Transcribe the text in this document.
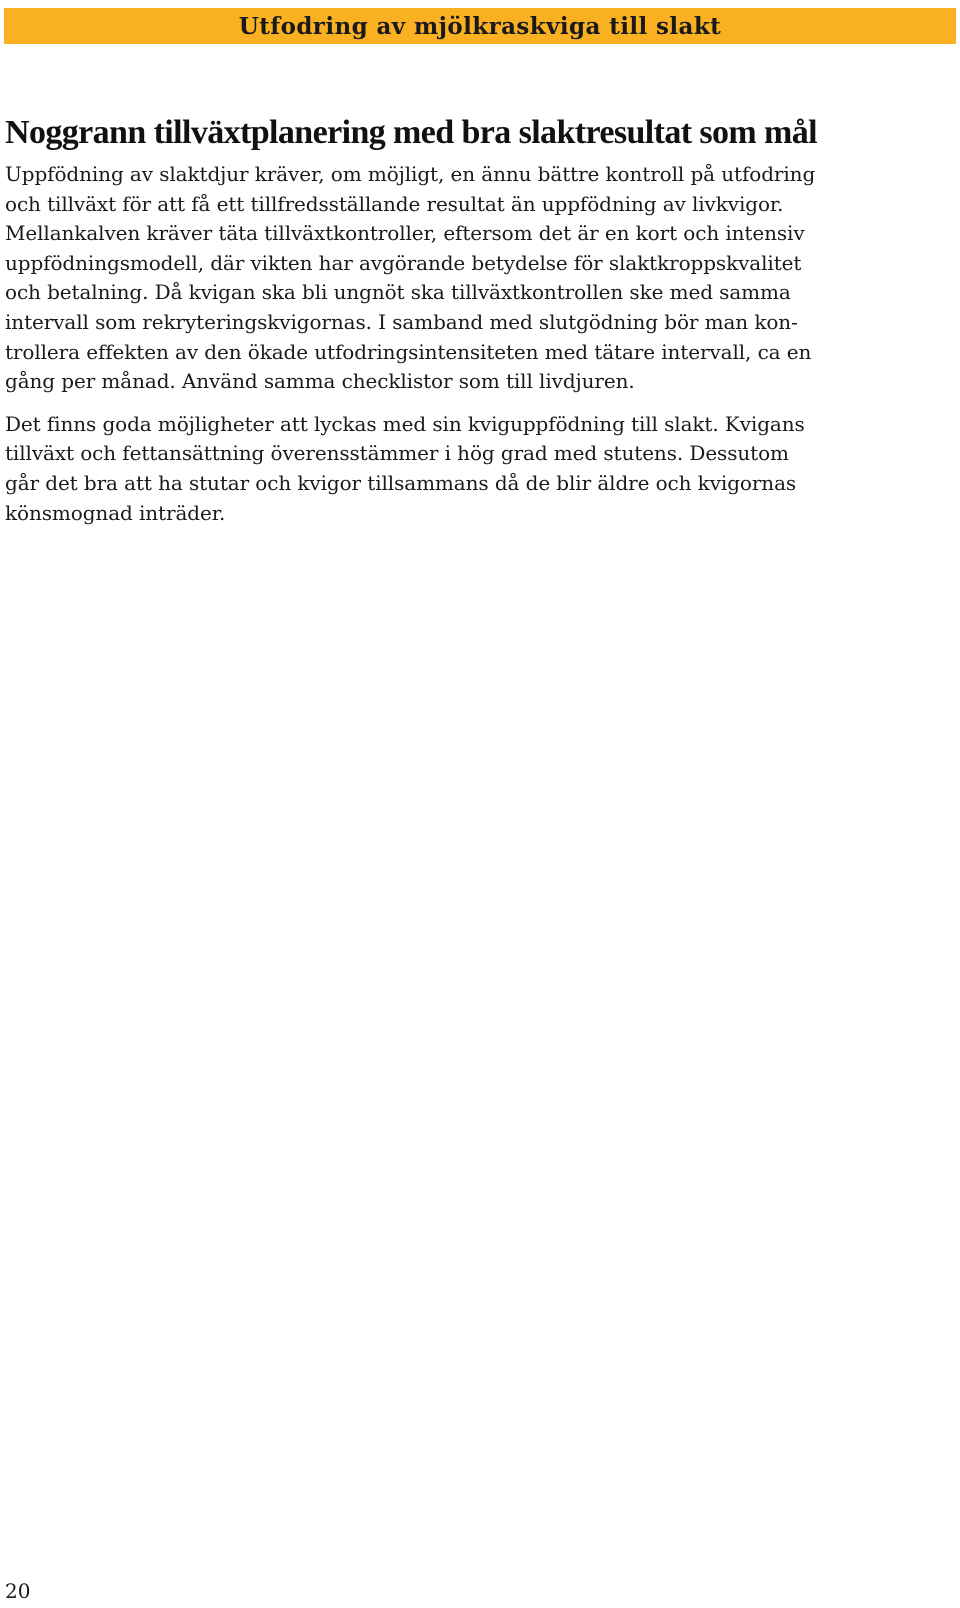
Utfodring av mjölkraskviga till slakt
Noggrann tillväxtplanering med bra slaktresultat som mål

Uppfödning av slaktdjur kräver, om möjligt, en ännu bättre kontroll på utfodring
och tillväxt för att få ett tillfredsställande resultat än uppfödning av livkvigor.
Mellankalven kräver täta tillväxtkontroller, eftersom det är en kort och intensiv
uppfödningsmodell, där vikten har avgörande betydelse för slaktkroppskvalitet
och betalning. Då kvigan ska bli ungnöt ska tillväxtkontrollen ske med samma
intervall som rekryteringskvigornas. I samband med slutgödning bör man kon-
trollera effekten av den ökade utfodringsintensiteten med tätare intervall, ca en
gång per månad. Använd samma checklistor som till livdjuren.

Det finns goda möjligheter att lyckas med sin kviguppfödning till slakt. Kvigans
tillväxt och fettansättning överensstämmer i hög grad med stutens. Dessutom
går det bra att ha stutar och kvigor tillsammans då de blir äldre och kvigornas
könsmognad inträder.

20
